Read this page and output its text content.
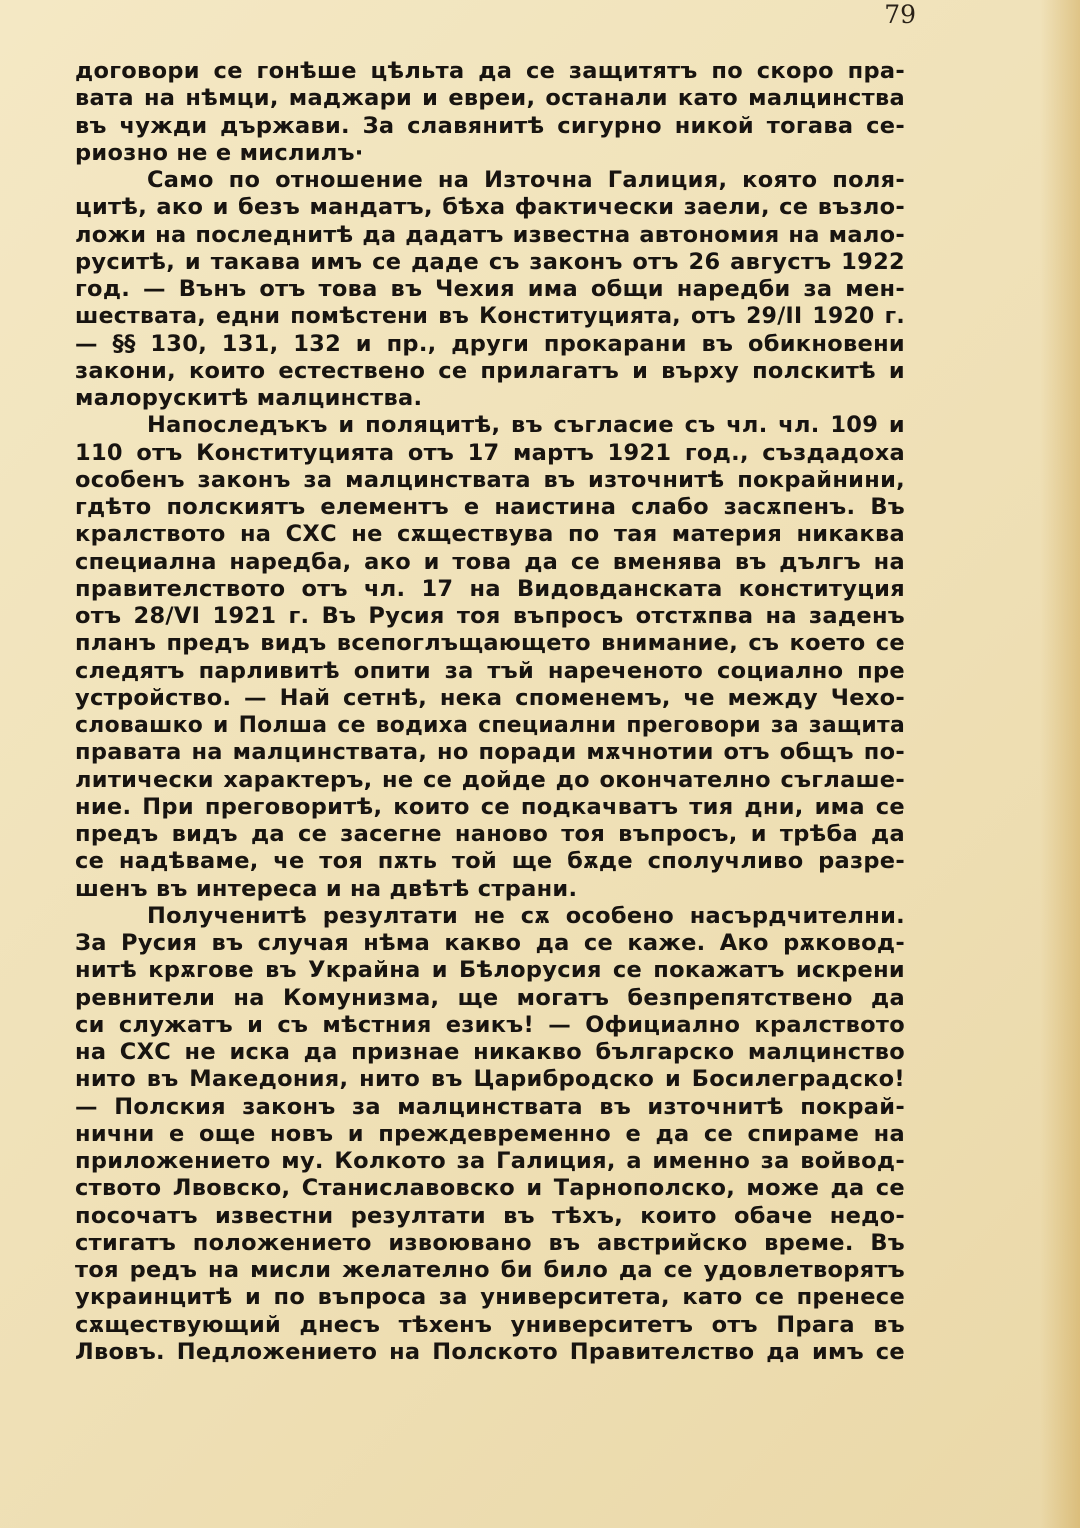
79

договори се гонѣше цѣльта да се защитятъ по скоро пра-
вата на нѣмци, маджари и евреи, останали като малцинства
въ чужди държави. За славянитѣ сигурно никой тогава се-
риозно не е мислилъ·
Само по отношение на Източна Галиция, която поля-
цитѣ, ако и безъ мандатъ, бѣха фактически заели, се възло-
ложи на последнитѣ да дадатъ известна автономия на мало-
руситѣ, и такава имъ се даде съ законъ отъ 26 августъ 1922
год. — Вънъ отъ това въ Чехия има общи наредби за мен-
шествата, едни помѣстени въ Конституцията, отъ 29/II 1920 г.
— §§ 130, 131, 132 и пр., други прокарани въ обикновени
закони, които естествено се прилагатъ и върху полскитѣ и
малорускитѣ малцинства.
Напоследъкъ и поляцитѣ, въ съгласие съ чл. чл. 109 и
110 отъ Конституцията отъ 17 мартъ 1921 год., създадоха
особенъ законъ за малцинствата въ източнитѣ покрайнини,
гдѣто полскиятъ елементъ е наистина слабо засѫпенъ. Въ
кралството на СХС не сѫществува по тая материя никаква
специална наредба, ако и това да се вменява въ дългъ на
правителството отъ чл. 17 на Видовданската конституция
отъ 28/VI 1921 г. Въ Русия тоя въпросъ отстѫпва на заденъ
планъ предъ видъ всепоглъщающето внимание, съ което се
следятъ парливитѣ опити за тъй нареченото социално пре
устройство. — Най сетнѣ, нека споменемъ, че между Чехо-
словашко и Полша се водиха специални преговори за защита
правата на малцинствата, но поради мѫчнотии отъ общъ по-
литически характеръ, не се дойде до окончателно съглаше-
ние. При преговоритѣ, които се подкачватъ тия дни, има се
предъ видъ да се засегне наново тоя въпросъ, и трѣба да
се надѣваме, че тоя пѫть той ще бѫде сполучливо разре-
шенъ въ интереса и на двѣтѣ страни.
Полученитѣ резултати не сѫ особено насърдчителни.
За Русия въ случая нѣма какво да се каже. Ако рѫковод-
нитѣ крѫгове въ Украйна и Бѣлорусия се покажатъ искрени
ревнители на Комунизма, ще могатъ безпрепятствено да
си служатъ и съ мѣстния езикъ! — Официално кралството
на СХС не иска да признае никакво българско малцинство
нито въ Македония, нито въ Царибродско и Босилеградско!
— Полския законъ за малцинствата въ източнитѣ покрай-
нични е още новъ и преждевременно е да се спираме на
приложението му. Колкото за Галиция, а именно за войвод-
ството Лвовско, Станиславовско и Тарнополско, може да се
посочатъ известни резултати въ тѣхъ, които обаче недо-
стигатъ положението извоювано въ австрийско време. Въ
тоя редъ на мисли желателно би било да се удовлетворятъ
украинцитѣ и по въпроса за университета, като се пренесе
сѫществующий днесъ тѣхенъ университетъ отъ Прага въ
Лвовъ. Педложението на Полското Правителство да имъ се
